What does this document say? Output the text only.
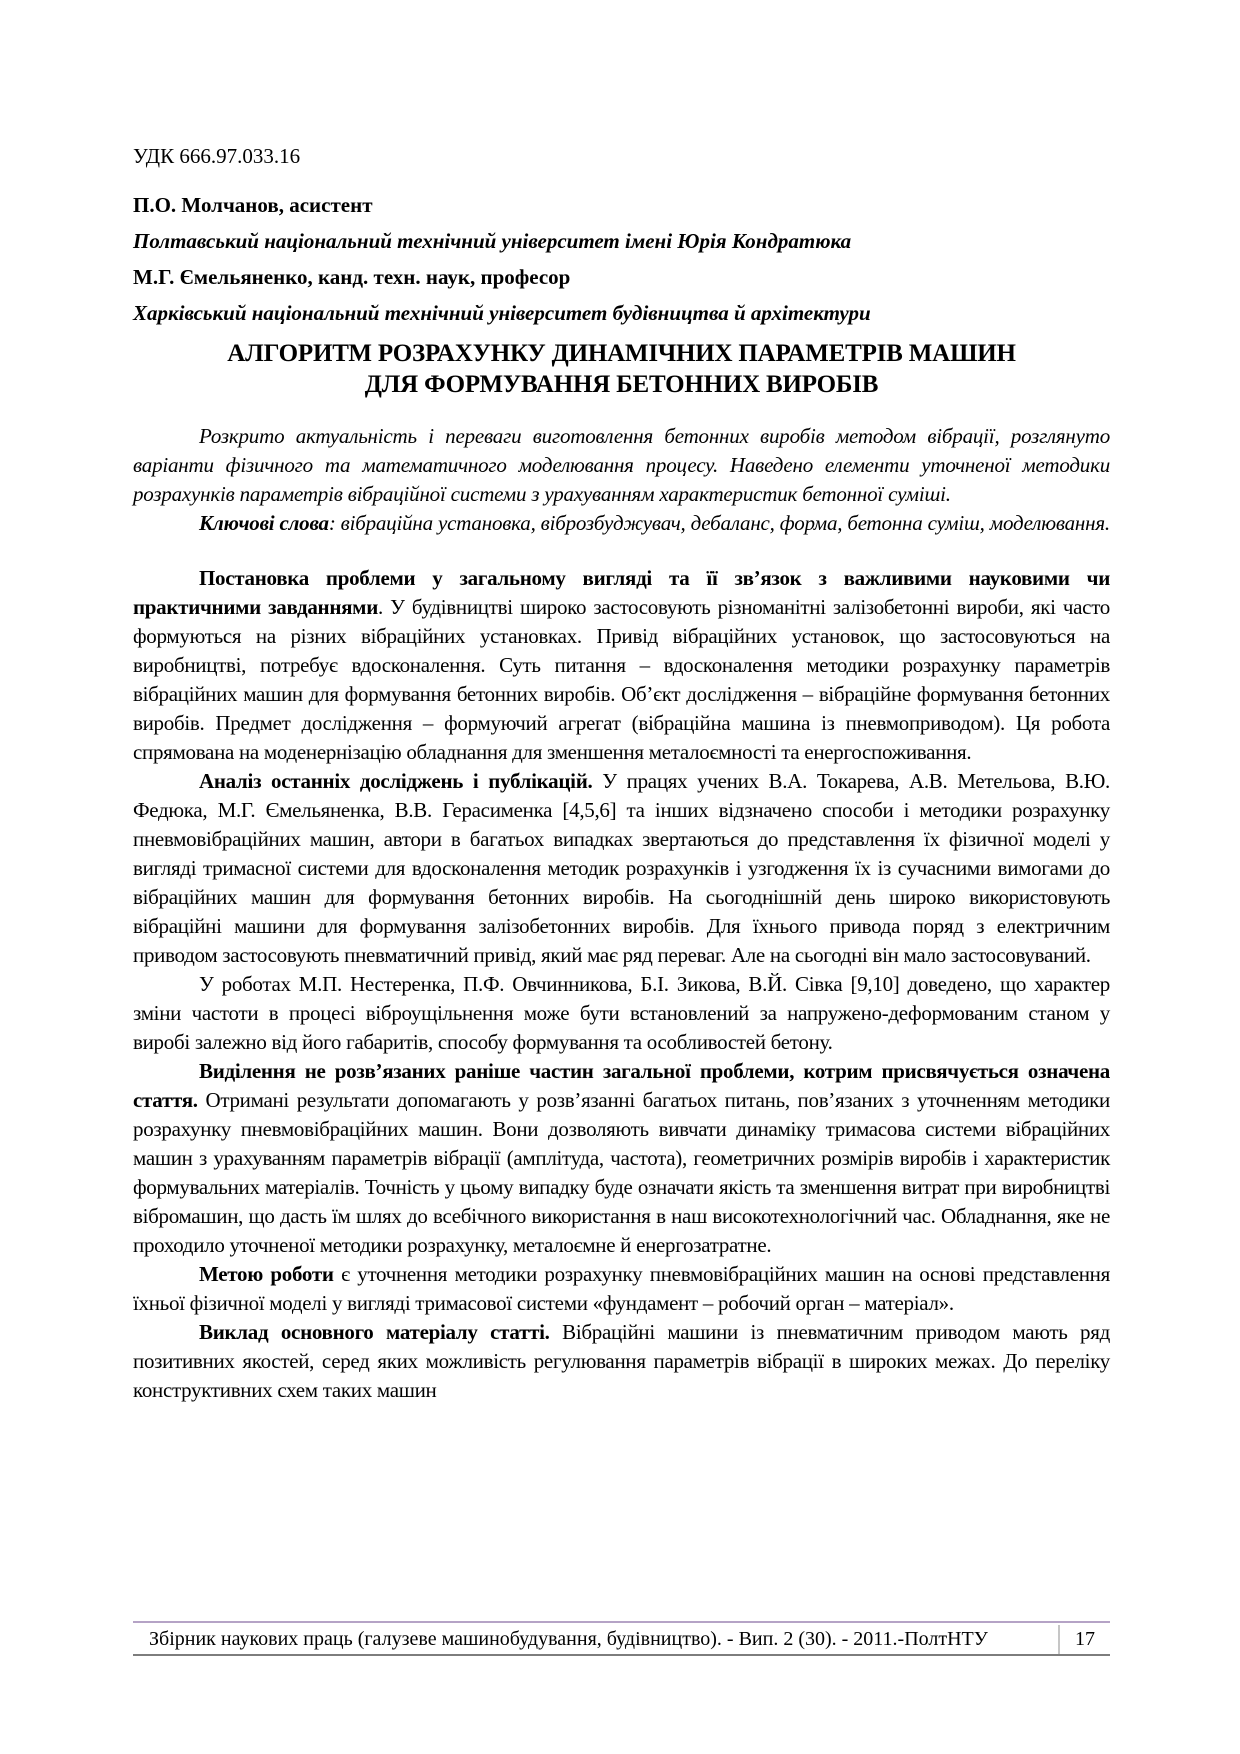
УДК 666.97.033.16

П.О. Молчанов, асистент

Полтавський національний технічний університет імені Юрія Кондратюка

М.Г. Ємельяненко, канд. техн. наук, професор

Харківський національний технічний університет будівництва й архітектури

АЛГОРИТМ РОЗРАХУНКУ ДИНАМІЧНИХ ПАРАМЕТРІВ МАШИН
ДЛЯ ФОРМУВАННЯ БЕТОННИХ ВИРОБІВ

Розкрито актуальність і переваги виготовлення бетонних виробів методом вібрації, розглянуто варіанти фізичного та математичного моделювання процесу. Наведено елементи уточненої методики розрахунків параметрів вібраційної системи з урахуванням характеристик бетонної суміші.

Ключові слова: вібраційна установка, віброзбуджувач, дебаланс, форма, бетонна суміш, моделювання.

Постановка проблеми у загальному вигляді та її зв’язок з важливими науковими чи практичними завданнями. У будівництві широко застосовують різноманітні залізобетонні вироби, які часто формуються на різних вібраційних установках. Привід вібраційних установок, що застосовуються на виробництві, потребує вдосконалення. Суть питання – вдосконалення методики розрахунку параметрів вібраційних машин для формування бетонних виробів. Об’єкт дослідження – вібраційне формування бетонних виробів. Предмет дослідження – формуючий агрегат (вібраційна машина із пневмоприводом). Ця робота спрямована на моденернізацію обладнання для зменшення металоємності та енергоспоживання.

Аналіз останніх досліджень і публікацій. У працях учених В.А. Токарева, А.В. Метельова, В.Ю. Федюка, М.Г. Ємельяненка, В.В. Герасименка [4,5,6] та інших відзначено способи і методики розрахунку пневмовібраційних машин, автори в багатьох випадках звертаються до представлення їх фізичної моделі у вигляді тримасної системи для вдосконалення методик розрахунків і узгодження їх із сучасними вимогами до вібраційних машин для формування бетонних виробів. На сьогоднішній день широко використовують вібраційні машини для формування залізобетонних виробів. Для їхнього привода поряд з електричним приводом застосовують пневматичний привід, який має ряд переваг. Але на сьогодні він мало застосовуваний.

У роботах М.П. Нестеренка, П.Ф. Овчинникова, Б.І. Зикова, В.Й. Сівка [9,10] доведено, що характер зміни частоти в процесі віброущільнення може бути встановлений за напружено-деформованим станом у виробі залежно від його габаритів, способу формування та особливостей бетону.

Виділення не розв’язаних раніше частин загальної проблеми, котрим присвячується означена стаття. Отримані результати допомагають у розв’язанні багатьох питань, пов’язаних з уточненням методики розрахунку пневмовібраційних машин. Вони дозволяють вивчати динаміку тримасова системи вібраційних машин з урахуванням параметрів вібрації (амплітуда, частота), геометричних розмірів виробів і характеристик формувальних матеріалів. Точність у цьому випадку буде означати якість та зменшення витрат при виробництві вібромашин, що дасть їм шлях до всебічного використання в наш високотехнологічний час. Обладнання, яке не проходило уточненої методики розрахунку, металоємне й енергозатратне.

Метою роботи є уточнення методики розрахунку пневмовібраційних машин на основі представлення їхньої фізичної моделі у вигляді тримасової системи «фундамент – робочий орган – матеріал».

Виклад основного матеріалу статті. Вібраційні машини із пневматичним приводом мають ряд позитивних якостей, серед яких можливість регулювання параметрів вібрації в широких межах. До переліку конструктивних схем таких машин

Збірник наукових праць (галузеве машинобудування, будівництво). - Вип. 2 (30). - 2011.-ПолтНТУ	17
